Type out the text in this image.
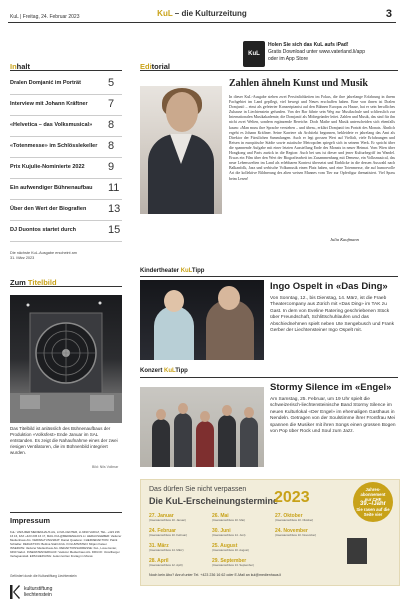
KuL | Freitag, 24. Februar 2023	KuL – die Kulturzeitung	3
KuL
Holen Sie sich das KuL aufs iPad!
Gratis Download unter www.vaterland.li/app
oder im App Store
Inhalt
Dralen Domjanić im Porträt	5
Interview mit Johann Kräftner	7
«Helvetica – das Volksmusical»	8
«Totenmesse» im Schlösslekeller 8
Prix Kujulie-Nominierte 2022	9
Ein aufwendiger Bühnenaufbau	11
Über den Wert der Biografien	13
DJ Duontos startet durch	15
Die nächste KuL-Ausgabe erscheint am 31. März 2023
Editorial
Zahlen ähneln Kunst und Musik
In dieser KuL-Ausgabe stehen zwei Persönlichkeiten im Fokus, die ihre jahrelange Erfahrung in ihrem Fachgebiet im Land gepflegt, viel bewegt und Neues erschaffen haben. Eine von ihnen ist Dralen Domjanić – einst als gefeierter Konzertpianist auf den Bühnen Europas zu Hause, hat er sein berufliches Zuhause in Liechtenstein gefunden. Von der Bar führte sein Weg zur Musikschule und schliesslich zur Internationalen Musikakademie, die Domjanić als Mitbegründer leitet. Zahlen und Musik, das sind für ihn nicht zwei Welten, sondern ergänzende Bereiche. Doch Mathe und Musik unterscheiden sich ebenfalls kaum: «Man muss ihre Sprache verstehen – und üben», erklärt Domjanić im Porträt des Monats. Ähnlich ergeht es Johann Kräftner. Seine Karriere als Architekt begonnen, bekleidete er jahrelang das Amt als Direktor der Fürstlichen Sammlungen. Auch er legt grossen Wert auf Vielfalt, viele Erfahrungen und Reisen in europäische Städte sowie asiatische Metropolen spiegelt sich in seinem Werk. Er spricht über die spannende Aufgabe mit einer letzten Ausstellung Ende des Monats in neuer Heimat. Vom Wien über Hongkong und Paris zurück in die Region: Auch bei uns ist dieser und jener Kulturbegriff im Wandel. Etwas ein Film über den Wert der Biografiearbeit im Zusammenhang mit Demenz, ein Volksmusical, das neue Lebenswelten im Land als erlebbaren Kontext übersetzt und Einblicke in die dessen Auswahl nach Balkanfolk, Jazz und serbische Volksmusik einen Platz haben, und eine Totenmesse, die auf humorvolle Art die kollektive Bildnerung des alten weisen Mannes vom Tier zur Opferfigur thematisiert. Viel Spass beim Lesen!
Julia Kaufmann
Zum Titelbild
Das Titelbild ist anlässlich des Bühnenaufbaus der Produktion «Volksfest» Ende Januar im SAL entstanden. Es zeigt die Nahaufnahme eines der zwei riesigen Ventilatoren, die im Bühnenbild integriert wurden.
Bild: Nils Vollmar
Kindertheater KuLTipp
Ingo Ospelt in «Das Ding»
Von Sonntag, 12., bis Dienstag, 14. März, ist die Fraeb Theatercompany aus Zürich mit «Das Ding» im TAK zu Gast. In dem von Eveline Ratering geschriebenen Stück über Freundschaft, Schlittschuhlaufen und das Abschiednehmen spielt neben Ute Sengebusch und Frank Gerber der Liechtensteiner Ingo Ospelt mit.
Konzert KuLTipp
Stormy Silence im «Engel»
Am Samstag, 25. Februar, um 19 Uhr spielt die schweizerisch-liechtensteinische Band Stormy Silence im neuen Kulturlokal «Der Engel» im ehemaligen Gasthaus in Nendeln. Getragen von der Soulstimme ihrer Frontfrau Mei spannen die Musiker mit ihren Songs einen grossen Bogen von Pop über Rock und Soul zum Jazz.
Das dürfen Sie nicht verpassen
Die KuL-Erscheinungstermine
2023	Jahres-
abonnement
nur CHF
39.–/Jahr
Sie rasen auf die Seite vier
27. Januar
(Inseratenschluss 10. Januar)
26. Mai
(Inseratenschluss 10. Mai)
27. Oktober
(Inseratenschluss 10. Oktober)
24. Februar
(Inseratenschluss 10. Februar)
30. Juni
(Inseratenschluss 14. Juni)
24. November
(Inseratenschluss 10. November)
31. März
(Inseratenschluss 14. März)
25. August
(Inseratenschluss 10. August)
28. April
(Inseratenschluss 12. April)
29. September
(Inseratenschluss 13. September)
Noch kein Abo? Anruf unter Tel. +423 236 16 62 oder E-Mail an kul@medienhaus.li
Impressum
KuL: VADUZER MEDIENHAUS AG, LOVA-CENTER, LI-9490 VADUZ, TEL. +423 236 16 16, FAX +423 236 16 17, MAIL KUL@MEDIENHAUS.LI. HERAUSGEBER: Vaduzer Medienhaus AG. VERWALTUNGSRAT: Daniel Quaderer. CHEFREDAKTION: Patrik Schädler. REDAKTION: Bettina Stahl-Frick. KOLUMNISTEN: Mirjam Kaiser. INSERATE: Vaduzer Medienhaus AG. REDAKTIONSADRESSE: KuL, Lova-Center, 9490 Vaduz. INSERATENVERKAUF: Vaduzer Medienhaus AG. DRUCK: Vorarlberger Verlagsanstalt. ERSCHEINUNG: Jeden letzten Freitag im Monat.
Gefördert durch die Kulturstiftung Liechtenstein
kulturstiftung
liechtenstein
